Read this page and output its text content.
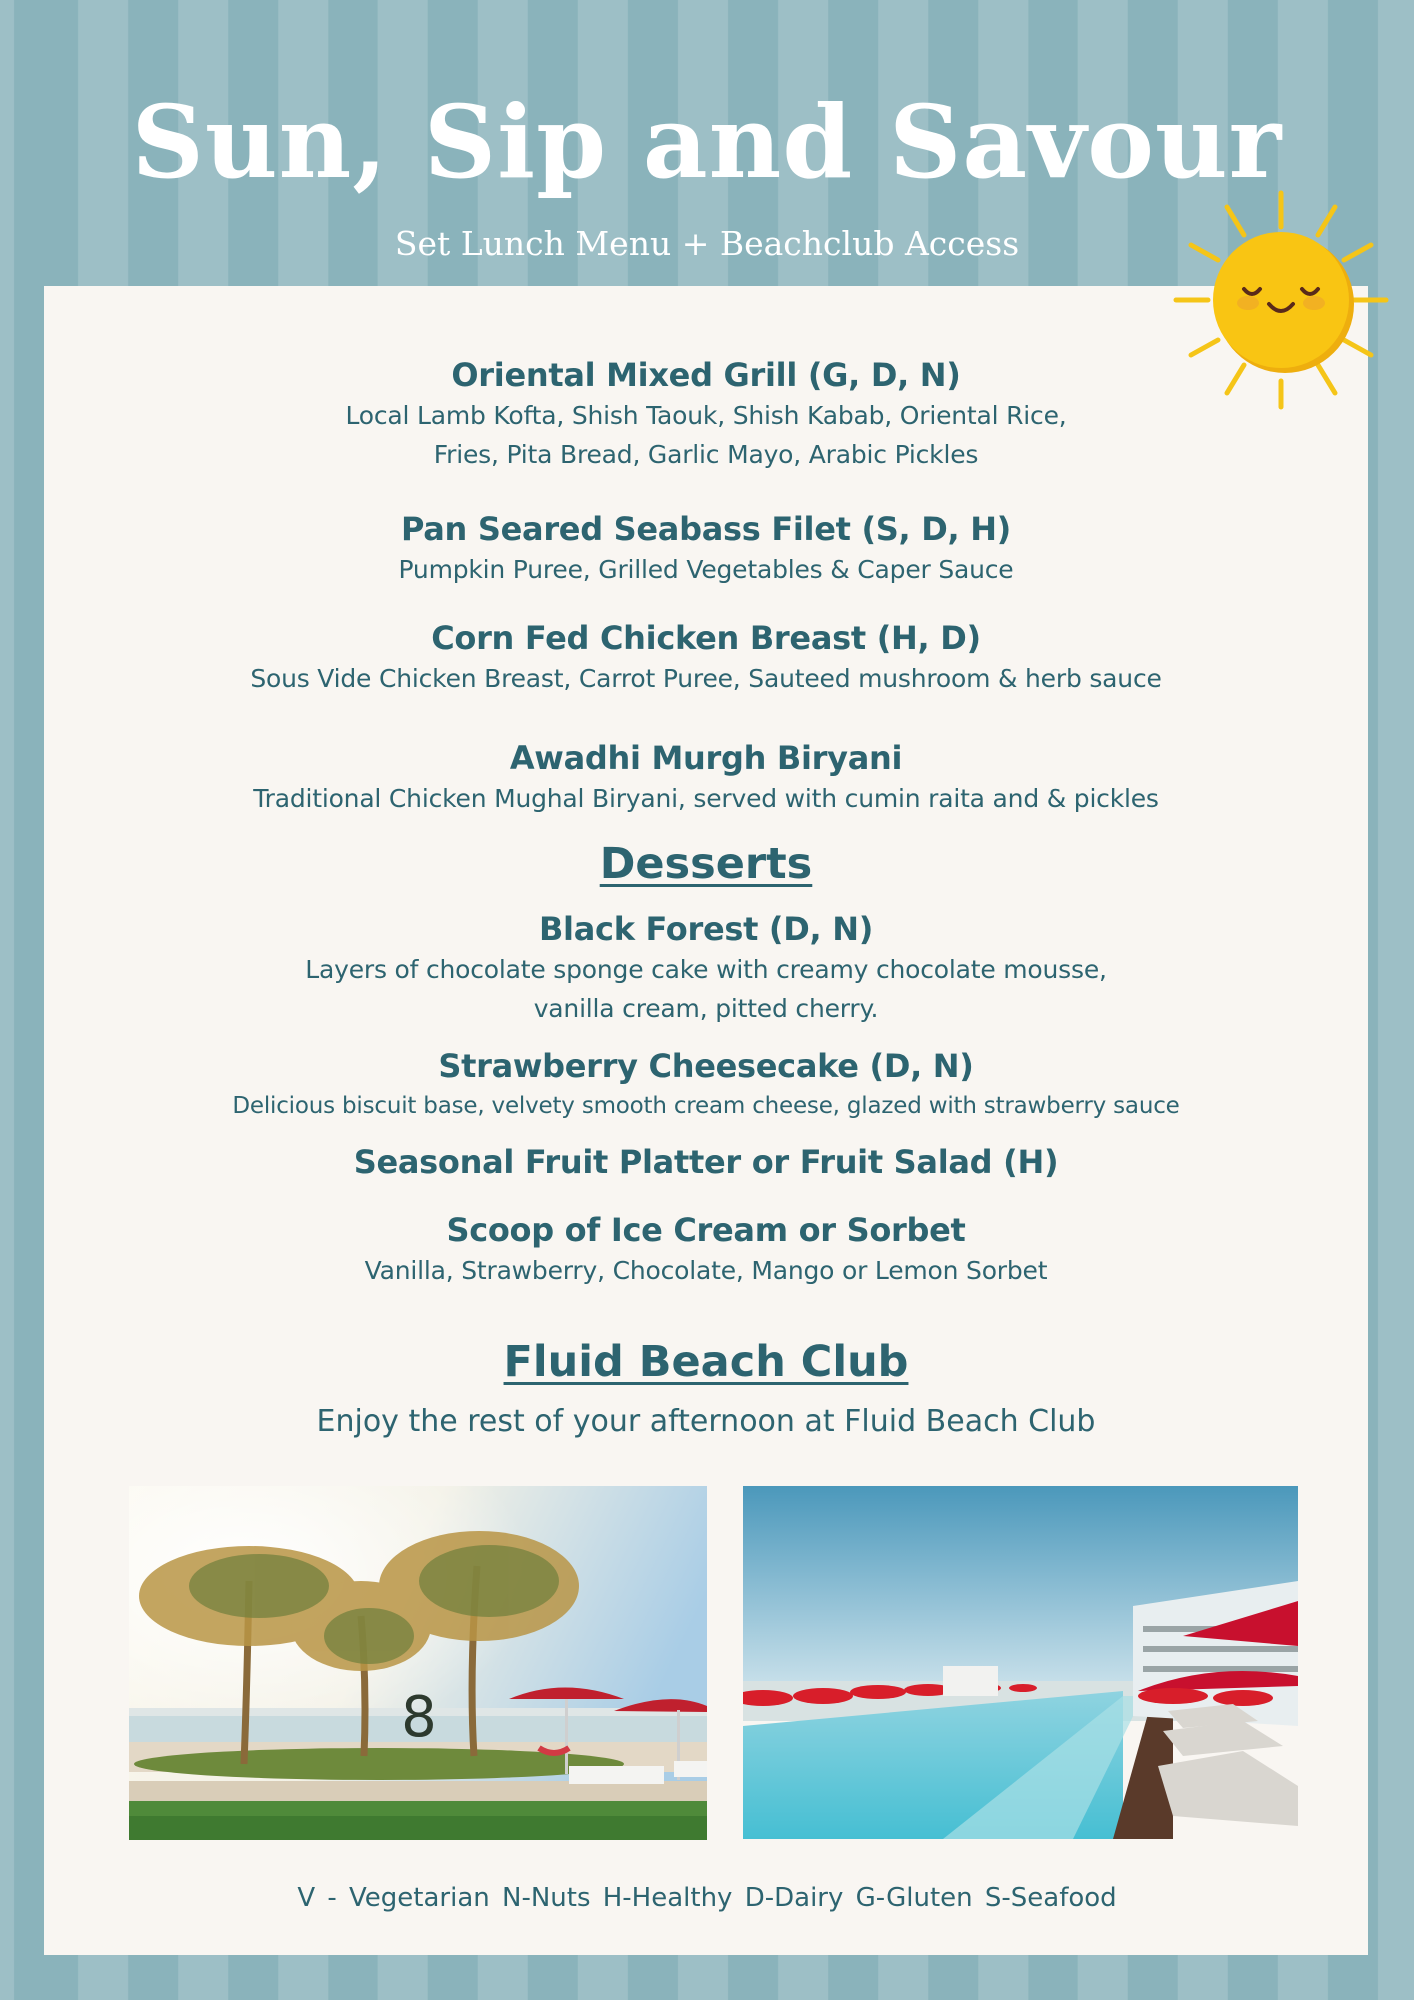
Sun, Sip and Savour
Set Lunch Menu + Beachclub Access
Oriental Mixed Grill (G, D, N)
Local Lamb Kofta, Shish Taouk, Shish Kabab, Oriental Rice,
Fries, Pita Bread, Garlic Mayo, Arabic Pickles
Pan Seared Seabass Filet (S, D, H)
Pumpkin Puree, Grilled Vegetables & Caper Sauce
Corn Fed Chicken Breast (H, D)
Sous Vide Chicken Breast, Carrot Puree, Sauteed mushroom & herb sauce
Awadhi Murgh Biryani
Traditional Chicken Mughal Biryani, served with cumin raita and & pickles
Desserts
Black Forest (D, N)
Layers of chocolate sponge cake with creamy chocolate mousse,
vanilla cream, pitted cherry.
Strawberry Cheesecake (D, N)
Delicious biscuit base, velvety smooth cream cheese, glazed with strawberry sauce
Seasonal Fruit Platter or Fruit Salad (H)
Scoop of Ice Cream or Sorbet
Vanilla, Strawberry, Chocolate, Mango or Lemon Sorbet
Fluid Beach Club
Enjoy the rest of your afternoon at Fluid Beach Club
8
V - Vegetarian N-Nuts H-Healthy D-Dairy G-Gluten S-Seafood
